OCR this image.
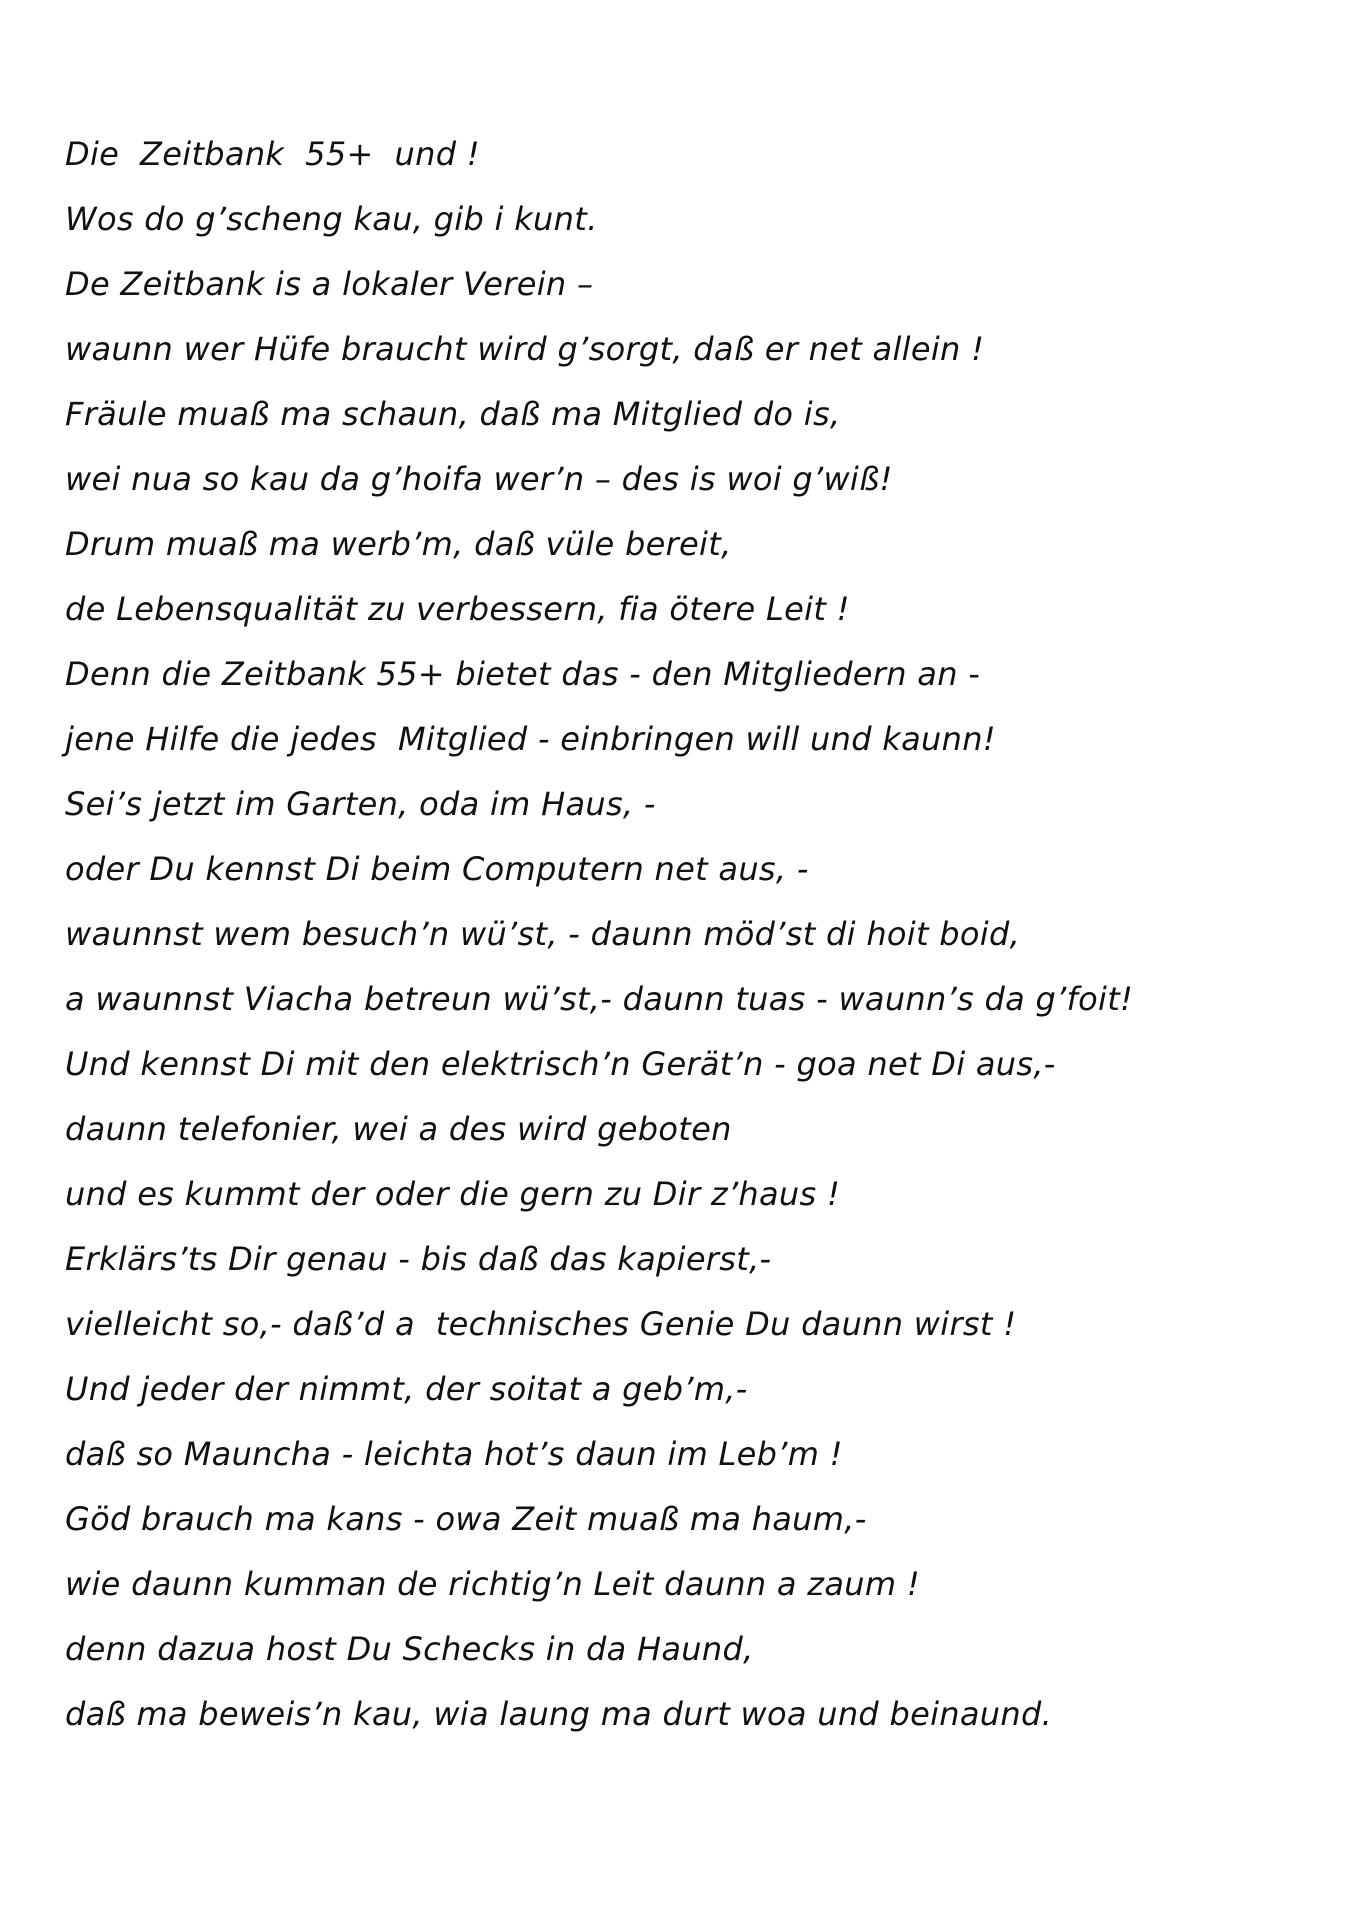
Die  Zeitbank  55+  und !
Wos do g’scheng kau, gib i kunt.
De Zeitbank is a lokaler Verein –
waunn wer Hüfe braucht wird g’sorgt, daß er net allein !
Fräule muaß ma schaun, daß ma Mitglied do is,
wei nua so kau da g’hoifa wer’n – des is woi g’wiß!
Drum muaß ma werb’m, daß vüle bereit,
de Lebensqualität zu verbessern, fia ötere Leit !
Denn die Zeitbank 55+ bietet das - den Mitgliedern an -
jene Hilfe die jedes  Mitglied - einbringen will und kaunn!
Sei’s jetzt im Garten, oda im Haus, -
oder Du kennst Di beim Computern net aus, -
waunnst wem besuch’n wü’st, - daunn möd’st di hoit boid,
a waunnst Viacha betreun wü’st,- daunn tuas - waunn’s da g’foit!
Und kennst Di mit den elektrisch’n Gerät’n - goa net Di aus,-
daunn telefonier, wei a des wird geboten
und es kummt der oder die gern zu Dir z’haus !
Erklärs’ts Dir genau - bis daß das kapierst,-
vielleicht so,- daß’d a  technisches Genie Du daunn wirst !
Und jeder der nimmt, der soitat a geb’m,-
daß so Mauncha - leichta hot’s daun im Leb’m !
Göd brauch ma kans - owa Zeit muaß ma haum,-
wie daunn kumman de richtig’n Leit daunn a zaum !
denn dazua host Du Schecks in da Haund,
daß ma beweis’n kau, wia laung ma durt woa und beinaund.
